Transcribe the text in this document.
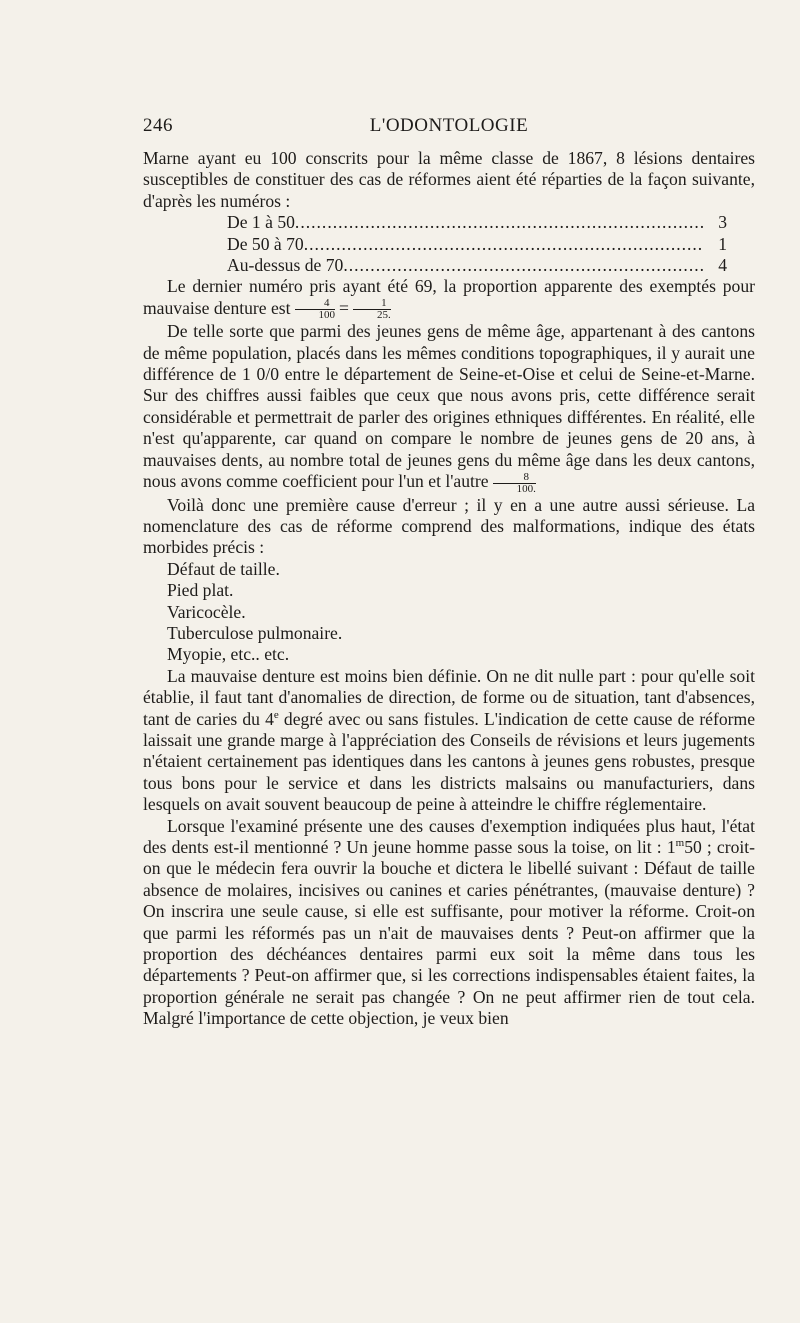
246	L'ODONTOLOGIE

Marne ayant eu 100 conscrits pour la même classe de 1867, 8 lésions dentaires susceptibles de constituer des cas de réformes aient été réparties de la façon suivante, d'après les numéros :

De 1 à 50 .....	3
De 50 à 70 .....	1
Au-dessus de 70 .....	4

Le dernier numéro pris ayant été 69, la proportion apparente des exemptés pour mauvaise denture est $\frac{4}{100} = \frac{1}{25.}$

De telle sorte que parmi des jeunes gens de même âge, appartenant à des cantons de même population, placés dans les mêmes conditions topographiques, il y aurait une différence de 1 0/0 entre le département de Seine-et-Oise et celui de Seine-et-Marne. Sur des chiffres aussi faibles que ceux que nous avons pris, cette différence serait considérable et permettrait de parler des origines ethniques différentes. En réalité, elle n'est qu'apparente, car quand on compare le nombre de jeunes gens de 20 ans, à mauvaises dents, au nombre total de jeunes gens du même âge dans les deux cantons, nous avons comme coefficient pour l'un et l'autre $\frac{8}{100.}$

Voilà donc une première cause d'erreur ; il y en a une autre aussi sérieuse. La nomenclature des cas de réforme comprend des malformations, indique des états morbides précis :

Défaut de taille.
Pied plat.
Varicocèle.
Tuberculose pulmonaire.
Myopie, etc.. etc.

La mauvaise denture est moins bien définie. On ne dit nulle part : pour qu'elle soit établie, il faut tant d'anomalies de direction, de forme ou de situation, tant d'absences, tant de caries du 4e degré avec ou sans fistules. L'indication de cette cause de réforme laissait une grande marge à l'appréciation des Conseils de révisions et leurs jugements n'étaient certainement pas identiques dans les cantons à jeunes gens robustes, presque tous bons pour le service et dans les districts malsains ou manufacturiers, dans lesquels on avait souvent beaucoup de peine à atteindre le chiffre réglementaire.

Lorsque l'examiné présente une des causes d'exemption indiquées plus haut, l'état des dents est-il mentionné ? Un jeune homme passe sous la toise, on lit : 1$^m$50 ; croit-on que le médecin fera ouvrir la bouche et dictera le libellé suivant : Défaut de taille absence de molaires, incisives ou canines et caries pénétrantes, (mauvaise denture) ? On inscrira une seule cause, si elle est suffisante, pour motiver la réforme. Croit-on que parmi les réformés pas un n'ait de mauvaises dents ? Peut-on affirmer que la proportion des déchéances dentaires parmi eux soit la même dans tous les départements ? Peut-on affirmer que, si les corrections indispensables étaient faites, la proportion générale ne serait pas changée ? On ne peut affirmer rien de tout cela. Malgré l'importance de cette objection, je veux bien
